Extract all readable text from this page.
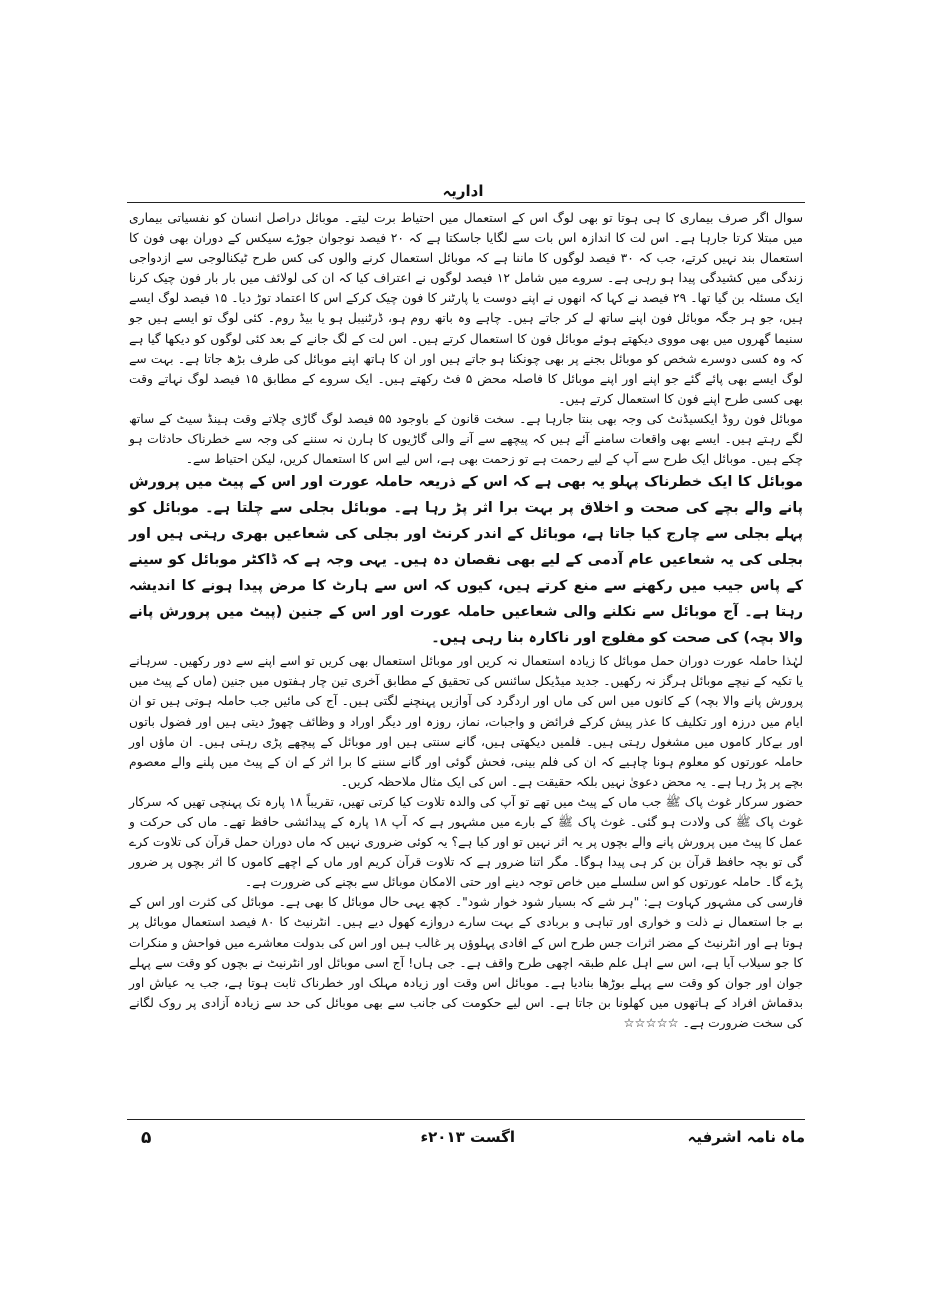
اداریہ

سوال اگر صرف بیماری کا ہی ہوتا تو بھی لوگ اس کے استعمال میں احتیاط برت لیتے۔ موبائل دراصل انسان کو نفسیاتی بیماری میں مبتلا کرتا جارہا ہے۔ اس لت کا اندازہ اس بات سے لگایا جاسکتا ہے کہ ۲۰ فیصد نوجوان جوڑے سیکس کے دوران بھی فون کا استعمال بند نہیں کرتے، جب کہ ۳۰ فیصد لوگوں کا ماننا ہے کہ موبائل استعمال کرنے والوں کی کس طرح ٹیکنالوجی سے ازدواجی زندگی میں کشیدگی پیدا ہو رہی ہے۔ سروے میں شامل ۱۲ فیصد لوگوں نے اعتراف کیا کہ ان کی لولائف میں بار بار فون چیک کرنا ایک مسئلہ بن گیا تھا۔ ۲۹ فیصد نے کہا کہ انھوں نے اپنے دوست یا پارٹنر کا فون چیک کرکے اس کا اعتماد توڑ دیا۔ ۱۵ فیصد لوگ ایسے ہیں، جو ہر جگہ موبائل فون اپنے ساتھ لے کر جاتے ہیں۔ چاہے وہ باتھ روم ہو، ڈرٹنیبل ہو یا بیڈ روم۔ کئی لوگ تو ایسے ہیں جو سنیما گھروں میں بھی مووی دیکھتے ہوئے موبائل فون کا استعمال کرتے ہیں۔ اس لت کے لگ جانے کے بعد کئی لوگوں کو دیکھا گیا ہے کہ وہ کسی دوسرے شخص کو موبائل بجنے پر بھی چونکنا ہو جاتے ہیں اور ان کا ہاتھ اپنے موبائل کی طرف بڑھ جاتا ہے۔ بہت سے لوگ ایسے بھی پائے گئے جو اپنے اور اپنے موبائل کا فاصلہ محض ۵ فٹ رکھتے ہیں۔ ایک سروے کے مطابق ۱۵ فیصد لوگ نہاتے وقت بھی کسی طرح اپنے فون کا استعمال کرتے ہیں۔

موبائل فون روڈ ایکسیڈنٹ کی وجہ بھی بنتا جارہا ہے۔ سخت قانون کے باوجود ۵۵ فیصد لوگ گاڑی چلاتے وقت ہینڈ سیٹ کے ساتھ لگے رہتے ہیں۔ ایسے بھی واقعات سامنے آئے ہیں کہ پیچھے سے آنے والی گاڑیوں کا ہارن نہ سننے کی وجہ سے خطرناک حادثات ہو چکے ہیں۔ موبائل ایک طرح سے آپ کے لیے رحمت ہے تو زحمت بھی ہے، اس لیے اس کا استعمال کریں، لیکن احتیاط سے۔

موبائل کا ایک خطرناک پہلو یہ بھی ہے کہ اس کے ذریعہ حاملہ عورت اور اس کے پیٹ میں پرورش پانے والے بچے کی صحت و اخلاق پر بہت برا اثر پڑ رہا ہے۔ موبائل بجلی سے چلتا ہے۔ موبائل کو پہلے بجلی سے چارج کیا جاتا ہے، موبائل کے اندر کرنٹ اور بجلی کی شعاعیں بھری رہتی ہیں اور بجلی کی یہ شعاعیں عام آدمی کے لیے بھی نقصان دہ ہیں۔ یہی وجہ ہے کہ ڈاکٹر موبائل کو سینے کے پاس جیب میں رکھنے سے منع کرتے ہیں، کیوں کہ اس سے ہارٹ کا مرض پیدا ہونے کا اندیشہ رہتا ہے۔ آج موبائل سے نکلنے والی شعاعیں حاملہ عورت اور اس کے جنین (پیٹ میں پرورش پانے والا بچہ) کی صحت کو مفلوج اور ناکارہ بنا رہی ہیں۔

لہٰذا حاملہ عورت دوران حمل موبائل کا زیادہ استعمال نہ کریں اور موبائل استعمال بھی کریں تو اسے اپنے سے دور رکھیں۔ سرہانے یا تکیہ کے نیچے موبائل ہرگز نہ رکھیں۔ جدید میڈیکل سائنس کی تحقیق کے مطابق آخری تین چار ہفتوں میں جنین (ماں کے پیٹ میں پرورش پانے والا بچہ) کے کانوں میں اس کی ماں اور اردگرد کی آوازیں پہنچنے لگتی ہیں۔ آج کی مائیں جب حاملہ ہوتی ہیں تو ان ایام میں درزہ اور تکلیف کا عذر پیش کرکے فرائض و واجبات، نماز، روزہ اور دیگر اوراد و وظائف چھوڑ دیتی ہیں اور فضول باتوں اور بےکار کاموں میں مشغول رہتی ہیں۔ فلمیں دیکھتی ہیں، گانے سنتی ہیں اور موبائل کے پیچھے پڑی رہتی ہیں۔ ان ماؤں اور حاملہ عورتوں کو معلوم ہونا چاہیے کہ ان کی فلم بینی، فحش گوئی اور گانے سننے کا برا اثر کے ان کے پیٹ میں پلنے والے معصوم بچے پر پڑ رہا ہے۔ یہ محض دعویٰ نہیں بلکہ حقیقت ہے۔ اس کی ایک مثال ملاحظہ کریں۔

حضور سرکار غوث پاک ﷺ جب ماں کے پیٹ میں تھے تو آپ کی والدہ تلاوت کیا کرتی تھیں، تقریباً ۱۸ پارہ تک پہنچی تھیں کہ سرکار غوث پاک ﷺ کی ولادت ہو گئی۔ غوث پاک ﷺ کے بارے میں مشہور ہے کہ آپ ۱۸ پارہ کے پیدائشی حافظ تھے۔ ماں کی حرکت و عمل کا پیٹ میں پرورش پانے والے بچوں پر یہ اثر نہیں تو اور کیا ہے؟ یہ کوئی ضروری نہیں کہ ماں دوران حمل قرآن کی تلاوت کرے گی تو بچہ حافظ قرآن بن کر ہی پیدا ہوگا۔ مگر اتنا ضرور ہے کہ تلاوت قرآن کریم اور ماں کے اچھے کاموں کا اثر بچوں پر ضرور پڑے گا۔ حاملہ عورتوں کو اس سلسلے میں خاص توجہ دینے اور حتی الامکان موبائل سے بچنے کی ضرورت ہے۔

فارسی کی مشہور کہاوت ہے: "ہر شے کہ بسیار شود خوار شود"۔ کچھ یہی حال موبائل کا بھی ہے۔ موبائل کی کثرت اور اس کے بے جا استعمال نے ذلت و خواری اور تباہی و بربادی کے بہت سارے دروازے کھول دیے ہیں۔ انٹرنیٹ کا ۸۰ فیصد استعمال موبائل پر ہوتا ہے اور انٹرنیٹ کے مضر اثرات جس طرح اس کے افادی پہلوؤں پر غالب ہیں اور اس کی بدولت معاشرے میں فواحش و منکرات کا جو سیلاب آیا ہے، اس سے اہل علم طبقہ اچھی طرح واقف ہے۔ جی ہاں! آج اسی موبائل اور انٹرنیٹ نے بچوں کو وقت سے پہلے جوان اور جوان کو وقت سے پہلے بوڑھا بنادیا ہے۔ موبائل اس وقت اور زیادہ مہلک اور خطرناک ثابت ہوتا ہے، جب یہ عیاش اور بدقماش افراد کے ہاتھوں میں کھلونا بن جاتا ہے۔ اس لیے حکومت کی جانب سے بھی موبائل کی حد سے زیادہ آزادی پر روک لگانے کی سخت ضرورت ہے۔ ☆☆☆☆☆

ماہ نامہ اشرفیہ
اگست ۲۰۱۳ء
۵
